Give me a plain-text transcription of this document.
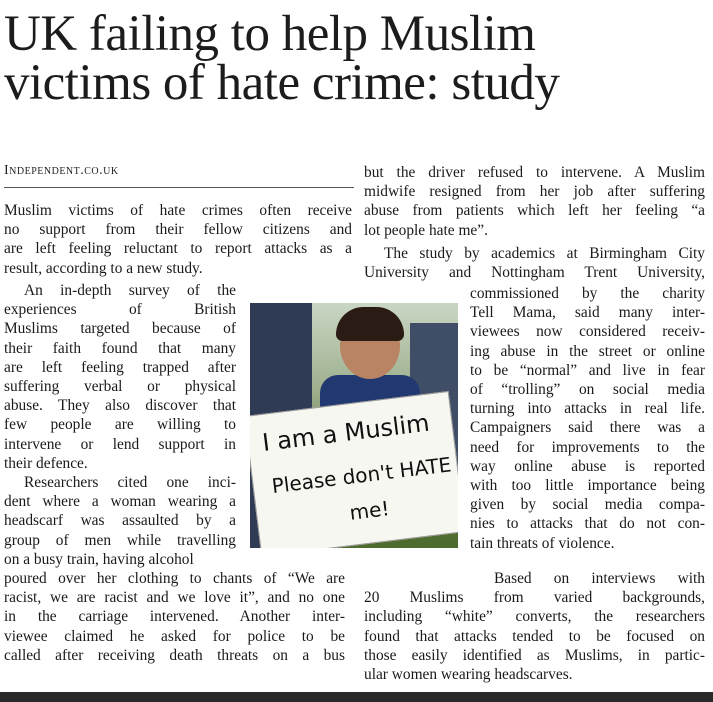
UK failing to help Muslim
victims of hate crime: study
Independent.co.uk
Muslim victims of hate crimes often receive
no support from their fellow citizens and
are left feeling reluctant to report attacks as a
result, according to a new study.
An in-depth survey of the
experiences of British
Muslims targeted because of
their faith found that many
are left feeling trapped after
suffering verbal or physical
abuse. They also discover that
few people are willing to
intervene or lend support in
their defence.
Researchers cited one inci-
dent where a woman wearing a
headscarf was assaulted by a
group of men while travelling
on a busy train, having alcohol
poured over her clothing to chants of “We are
racist, we are racist and we love it”, and no one
in the carriage intervened. Another inter-
viewee claimed he asked for police to be
called after receiving death threats on a bus
but the driver refused to intervene. A Muslim
midwife resigned from her job after suffering
abuse from patients which left her feeling “a
lot people hate me”.
The study by academics at Birmingham City
University and Nottingham Trent University,
commissioned by the charity
Tell Mama, said many inter-
viewees now considered receiv-
ing abuse in the street or online
to be “normal” and live in fear
of “trolling” on social media
turning into attacks in real life.
Campaigners said there was a
need for improvements to the
way online abuse is reported
with too little importance being
given by social media compa-
nies to attacks that do not con-
tain threats of violence.
Based on interviews with
20 Muslims from varied backgrounds,
including “white” converts, the researchers
found that attacks tended to be focused on
those easily identified as Muslims, in partic-
ular women wearing headscarves.
I am a Muslim
Please don't HATE
me!
